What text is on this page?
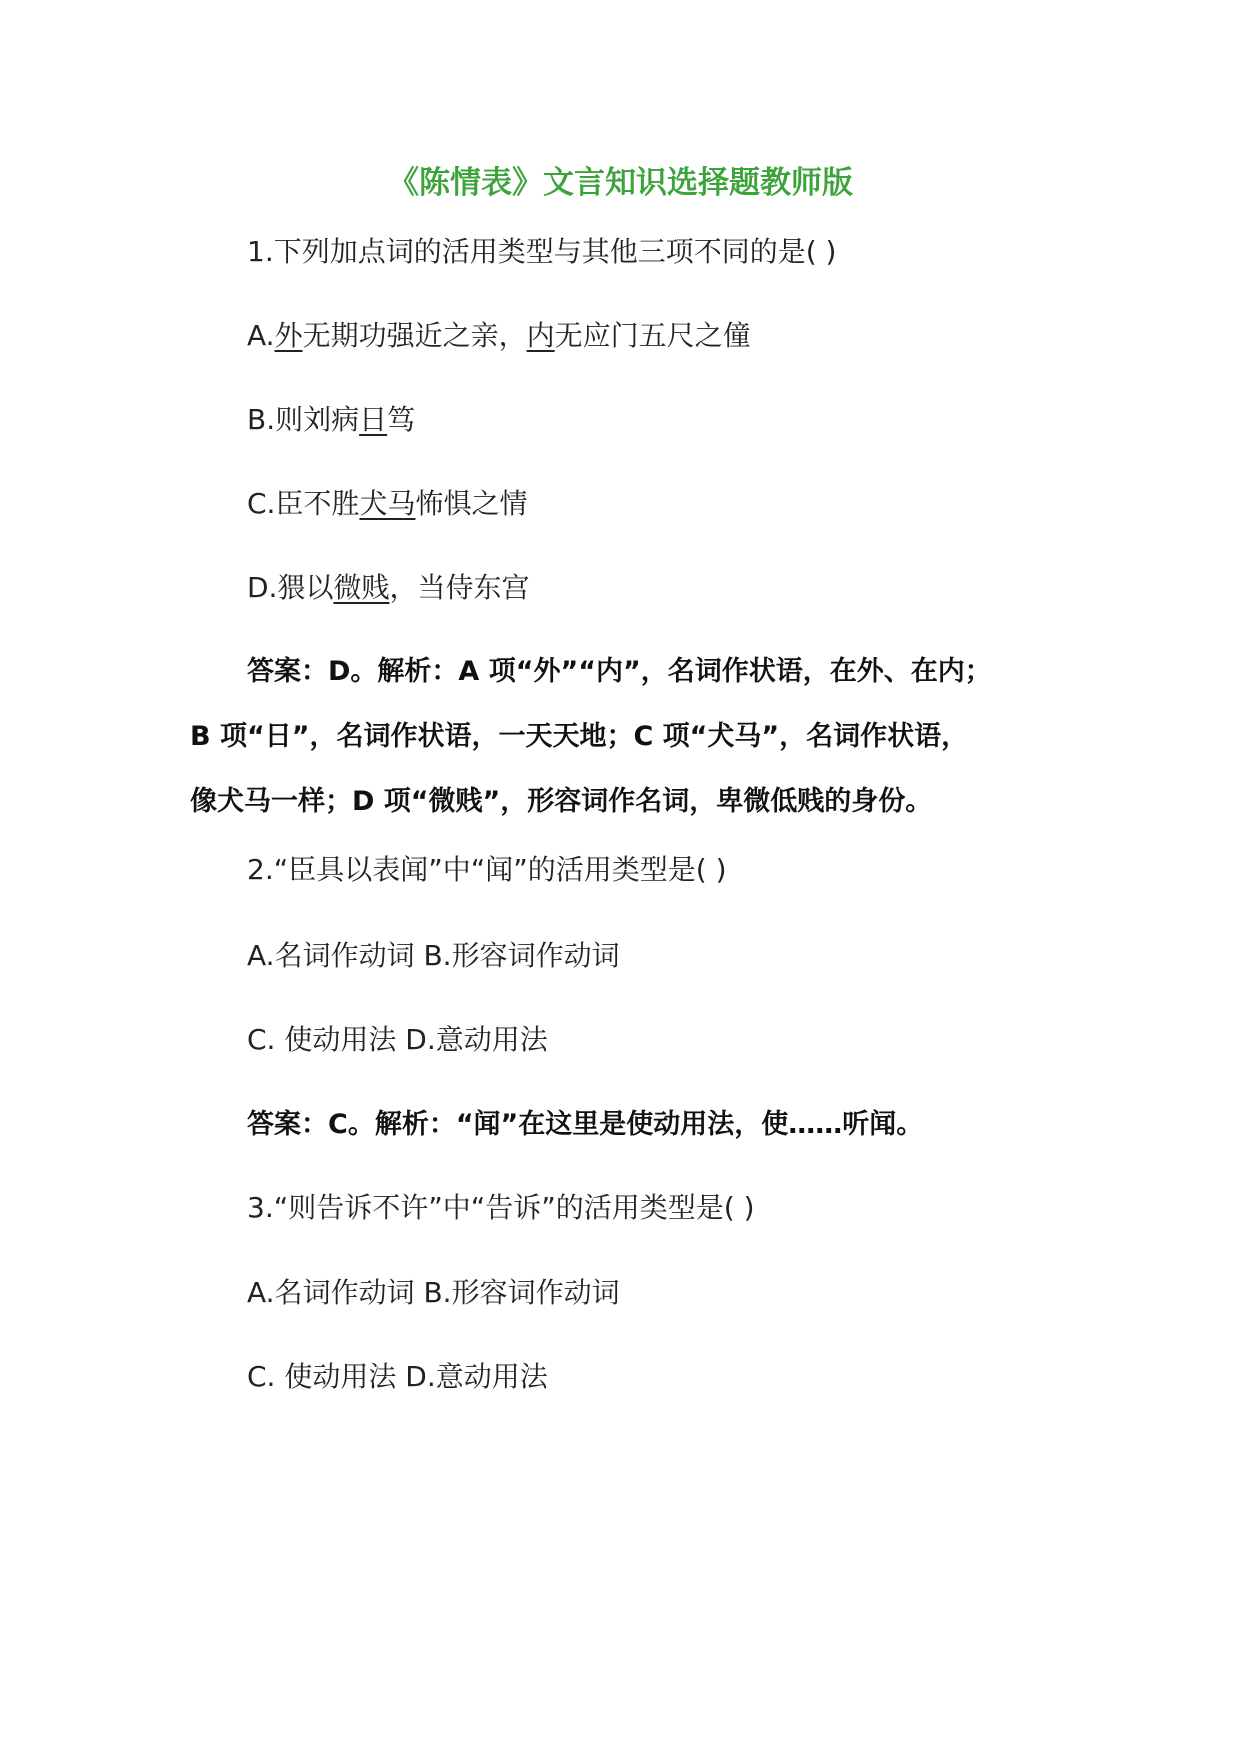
《陈情表》文言知识选择题教师版
1.下列加点词的活用类型与其他三项不同的是( )
A.外无期功强近之亲，内无应门五尺之僮
B.则刘病日笃
C.臣不胜犬马怖惧之情
D.猥以微贱，当侍东宫
答案：D。解析：A 项“外”“内”，名词作状语，在外、在内；
B 项“日”，名词作状语，一天天地；C 项“犬马”，名词作状语，
像犬马一样；D 项“微贱”，形容词作名词，卑微低贱的身份。
2.“臣具以表闻”中“闻”的活用类型是( )
A.名词作动词 B.形容词作动词
C. 使动用法 D.意动用法
答案：C。解析：“闻”在这里是使动用法，使……听闻。
3.“则告诉不许”中“告诉”的活用类型是( )
A.名词作动词 B.形容词作动词
C. 使动用法 D.意动用法
